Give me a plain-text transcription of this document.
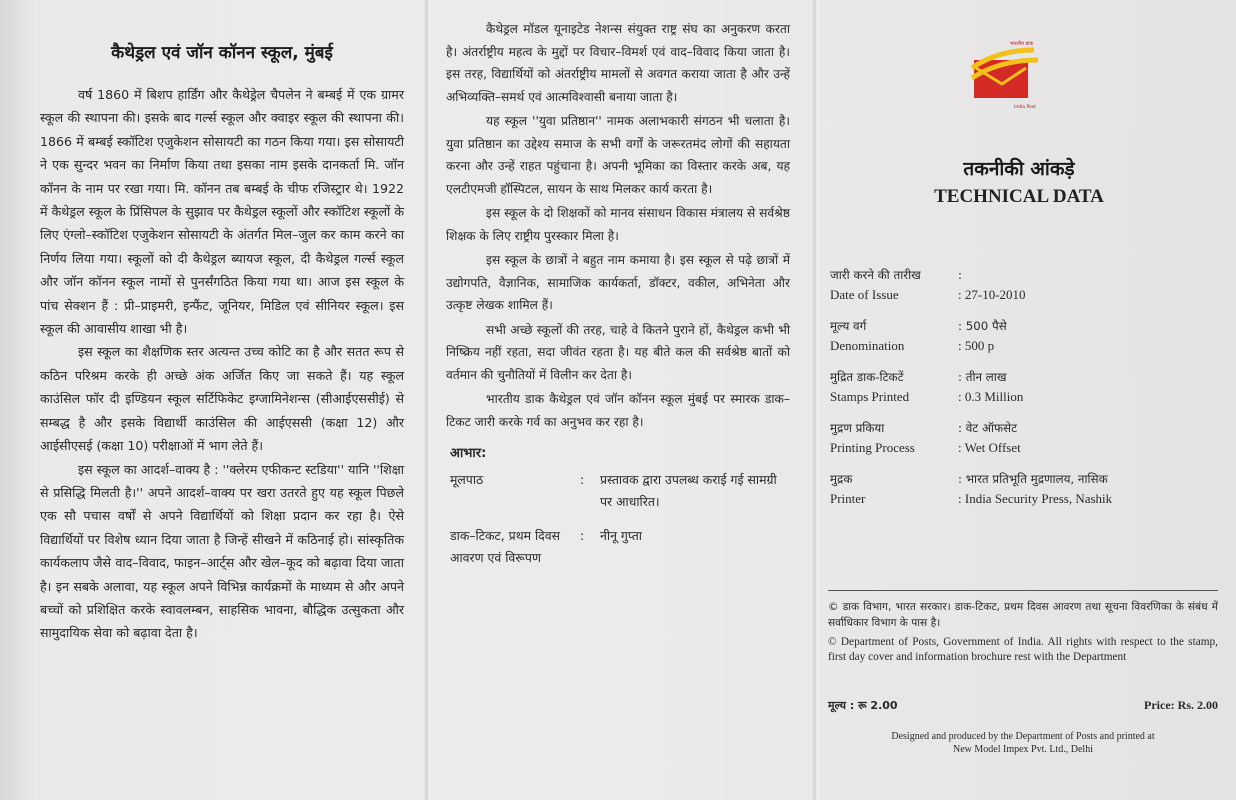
कैथेड्रल एवं जॉन कॉनन स्कूल, मुंबई

वर्ष 1860 में बिशप हार्डिंग और कैथेड्रेल चैपलेन ने बम्बई में एक ग्रामर स्कूल की स्थापना की। इसके बाद गर्ल्स स्कूल और क्वाइर स्कूल की स्थापना की। 1866 में बम्बई स्कॉटिश एजुकेशन सोसायटी का गठन किया गया। इस सोसायटी ने एक सुन्दर भवन का निर्माण किया तथा इसका नाम इसके दानकर्ता मि. जॉन कॉनन के नाम पर रखा गया। मि. कॉनन तब बम्बई के चीफ रजिस्ट्रार थे। 1922 में कैथेड्रल स्कूल के प्रिंसिपल के सुझाव पर कैथेड्रल स्कूलों और स्कॉटिश स्कूलों के लिए एंग्लो–स्कॉटिश एजुकेशन सोसायटी के अंतर्गत मिल–जुल कर काम करने का निर्णय लिया गया। स्कूलों को दी कैथेड्रल ब्यायज स्कूल, दी कैथेड्रल गर्ल्स स्कूल और जॉन कॉनन स्कूल नामों से पुनर्संगठित किया गया था। आज इस स्कूल के पांच सेक्शन हैं : प्री–प्राइमरी, इन्फैंट, जूनियर, मिडिल एवं सीनियर स्कूल। इस स्कूल की आवासीय शाखा भी है।

इस स्कूल का शैक्षणिक स्तर अत्यन्त उच्च कोटि का है और सतत रूप से कठिन परिश्रम करके ही अच्छे अंक अर्जित किए जा सकते हैं। यह स्कूल काउंसिल फॉर दी इण्डियन स्कूल सर्टिफिकेट इग्जामिनेशन्स (सीआईएससीई) से सम्बद्ध है और इसके विद्यार्थी काउंसिल की आईएससी (कक्षा 12) और आईसीएसई (कक्षा 10) परीक्षाओं में भाग लेते हैं।

इस स्कूल का आदर्श–वाक्य है : ''क्लेरम एफीकन्ट स्टडिया'' यानि ''शिक्षा से प्रसिद्धि मिलती है।'' अपने आदर्श–वाक्य पर खरा उतरते हुए यह स्कूल पिछले एक सौ पचास वर्षों से अपने विद्यार्थियों को शिक्षा प्रदान कर रहा है। ऐसे विद्यार्थियों पर विशेष ध्यान दिया जाता है जिन्हें सीखने में कठिनाई हो। सांस्कृतिक कार्यकलाप जैसे वाद–विवाद, फाइन–आर्ट्स और खेल–कूद को बढ़ावा दिया जाता है। इन सबके अलावा, यह स्कूल अपने विभिन्न कार्यक्रमों के माध्यम से और अपने बच्चों को प्रशिक्षित करके स्वावलम्बन, साहसिक भावना, बौद्धिक उत्सुकता और सामुदायिक सेवा को बढ़ावा देता है।

कैथेड्रल मॉडल यूनाइटेड नेशन्स संयुक्त राष्ट्र संघ का अनुकरण करता है। अंतर्राष्ट्रीय महत्व के मुद्दों पर विचार–विमर्श एवं वाद–विवाद किया जाता है। इस तरह, विद्यार्थियों को अंतर्राष्ट्रीय मामलों से अवगत कराया जाता है और उन्हें अभिव्यक्ति–समर्थ एवं आत्मविश्वासी बनाया जाता है।

यह स्कूल ''युवा प्रतिष्ठान'' नामक अलाभकारी संगठन भी चलाता है। युवा प्रतिष्ठान का उद्देश्य समाज के सभी वर्गों के जरूरतमंद लोगों की सहायता करना और उन्हें राहत पहुंचाना है। अपनी भूमिका का विस्तार करके अब, यह एलटीएमजी हॉस्पिटल, सायन के साथ मिलकर कार्य करता है।

इस स्कूल के दो शिक्षकों को मानव संसाधन विकास मंत्रालय से सर्वश्रेष्ठ शिक्षक के लिए राष्ट्रीय पुरस्कार मिला है।

इस स्कूल के छात्रों ने बहुत नाम कमाया है। इस स्कूल से पढ़े छात्रों में उद्योगपति, वैज्ञानिक, सामाजिक कार्यकर्ता, डॉक्टर, वकील, अभिनेता और उत्कृष्ट लेखक शामिल हैं।

सभी अच्छे स्कूलों की तरह, चाहे वे कितने पुराने हों, कैथेड्रल कभी भी निष्क्रिय नहीं रहता, सदा जीवंत रहता है। यह बीते कल की सर्वश्रेष्ठ बातों को वर्तमान की चुनौतियों में विलीन कर देता है।

भारतीय डाक कैथेड्रल एवं जॉन कॉनन स्कूल मुंबई पर स्मारक डाक–टिकट जारी करके गर्व का अनुभव कर रहा है।

आभार:
मूलपाठ	:	प्रस्तावक द्वारा उपलब्ध कराई गई सामग्री पर आधारित।
डाक–टिकट, प्रथम दिवस आवरण एवं विरूपण
:	नीनू गुप्ता
भारतीय डाक
India Post
तकनीकी आंकड़े
TECHNICAL DATA
जारी करने की तारीख	:
Date of Issue	: 27-10-2010
मूल्य वर्ग	: 500 पैसे
Denomination	: 500 p
मुद्रित डाक-टिकटें	: तीन लाख
Stamps Printed	: 0.3 Million
मुद्रण प्रकिया	: वेट ऑफसेट
Printing Process	: Wet Offset
मुद्रक	: भारत प्रतिभूति मुद्रणालय, नासिक
Printer	: India Security Press, Nashik
© डाक विभाग, भारत सरकार। डाक-टिकट, प्रथम दिवस आवरण तथा सूचना विवरणिका के संबंध में सर्वाधिकार विभाग के पास है।
© Department of Posts, Government of India. All rights with respect to the stamp, first day cover and information brochure rest with the Department
मूल्य : रू 2.00	Price: Rs. 2.00
Designed and produced by the Department of Posts and printed at
New Model Impex Pvt. Ltd., Delhi
